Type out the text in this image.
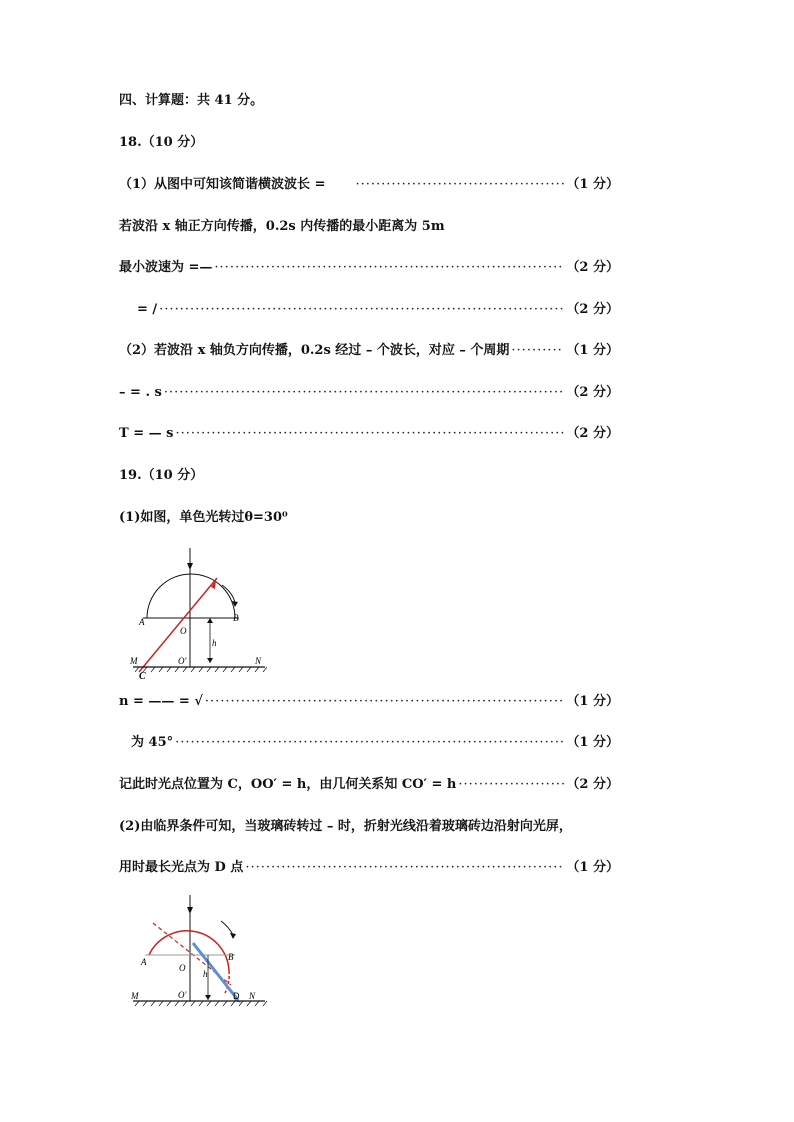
四、计算题：共 41 分。
18.（10 分）
（1）从图中可知该简谐横波波长 = ·····	（1 分）
若波沿 x 轴正方向传播，0.2s 内传播的最小距离为 5m
最小波速为 =— ·····	（2 分）
= / ·····	（2 分）
（2）若波沿 x 轴负方向传播，0.2s 经过 – 个波长，对应 – 个周期 ·····	（1 分）
– = . s ·····	（2 分）
T = — s ·····	（2 分）
19.（10 分）
(1)如图，单色光转过θ=30⁰
A	B
O
O′
h
M	N
C
n = —— = √ ·····	（1 分）
为 45° ·····	（1 分）
记此时光点位置为 C，OO′ = h，由几何关系知 CO′ = h ·····	（2 分）
(2)由临界条件可知，当玻璃砖转过 – 时，折射光线沿着玻璃砖边沿射向光屏，
用时最长光点为 D 点 ·····	（1 分）
A	B
O
O′
h
M	D N
